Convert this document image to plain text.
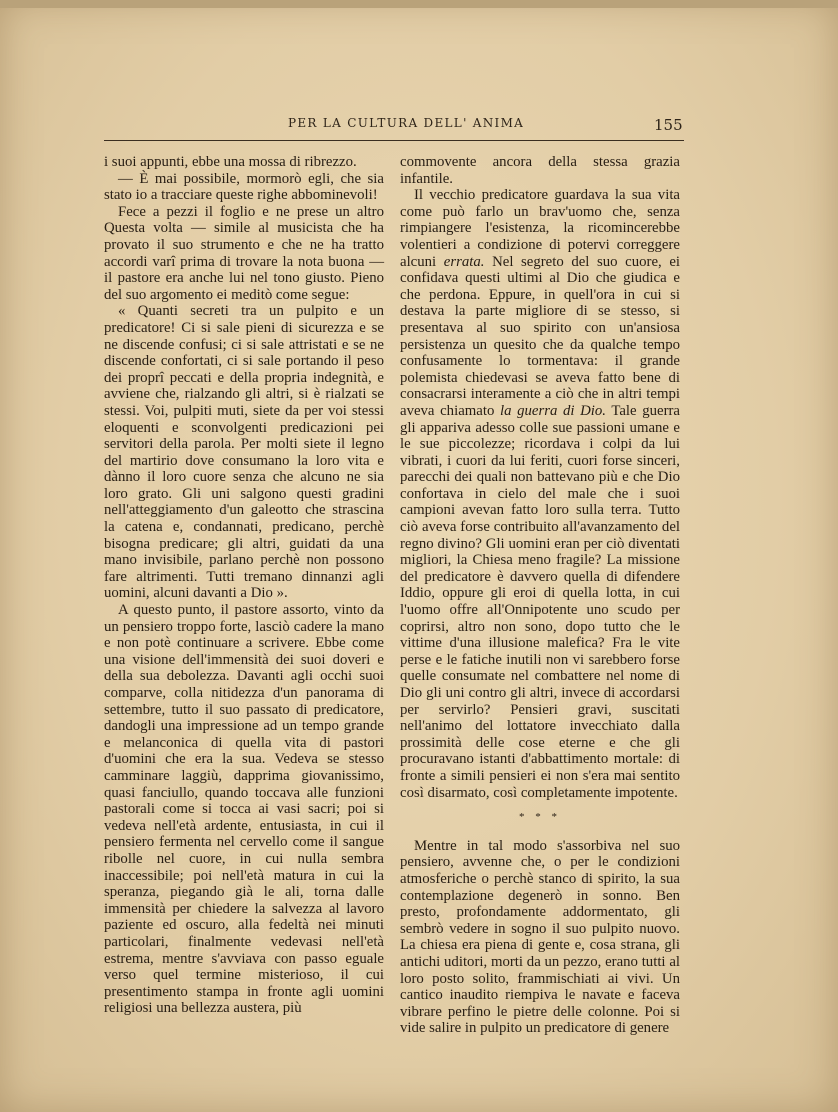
PER LA CULTURA DELL' ANIMA	155

i suoi appunti, ebbe una mossa di ribrezzo.

— È mai possibile, mormorò egli, che sia stato io a tracciare queste righe abbominevoli!

Fece a pezzi il foglio e ne prese un altro Questa volta — simile al musicista che ha provato il suo strumento e che ne ha tratto accordi varî prima di trovare la nota buona — il pastore era anche lui nel tono giusto. Pieno del suo argomento ei meditò come segue:

« Quanti secreti tra un pulpito e un predicatore! Ci si sale pieni di sicurezza e se ne discende confusi; ci si sale attristati e se ne discende confortati, ci si sale portando il peso dei proprî peccati e della propria indegnità, e avviene che, rialzando gli altri, si è rialzati se stessi. Voi, pulpiti muti, siete da per voi stessi eloquenti e sconvolgenti predicazioni pei servitori della parola. Per molti siete il legno del martirio dove consumano la loro vita e dànno il loro cuore senza che alcuno ne sia loro grato. Gli uni salgono questi gradini nell'atteggiamento d'un galeotto che strascina la catena e, condannati, predicano, perchè bisogna predicare; gli altri, guidati da una mano invisibile, parlano perchè non possono fare altrimenti. Tutti tremano dinnanzi agli uomini, alcuni davanti a Dio ».

A questo punto, il pastore assorto, vinto da un pensiero troppo forte, lasciò cadere la mano e non potè continuare a scrivere. Ebbe come una visione dell'immensità dei suoi doveri e della sua debolezza. Davanti agli occhi suoi comparve, colla nitidezza d'un panorama di settembre, tutto il suo passato di predicatore, dandogli una impressione ad un tempo grande e melanconica di quella vita di pastori d'uomini che era la sua. Vedeva se stesso camminare laggiù, dapprima giovanissimo, quasi fanciullo, quando toccava alle funzioni pastorali come si tocca ai vasi sacri; poi si vedeva nell'età ardente, entusiasta, in cui il pensiero fermenta nel cervello come il sangue ribolle nel cuore, in cui nulla sembra inaccessibile; poi nell'età matura in cui la speranza, piegando già le ali, torna dalle immensità per chiedere la salvezza al lavoro paziente ed oscuro, alla fedeltà nei minuti particolari, finalmente vedevasi nell'età estrema, mentre s'avviava con passo eguale verso quel termine misterioso, il cui presentimento stampa in fronte agli uomini religiosi una bellezza austera, più

commovente ancora della stessa grazia infantile.

Il vecchio predicatore guardava la sua vita come può farlo un brav'uomo che, senza rimpiangere l'esistenza, la ricomincerebbe volentieri a condizione di potervi correggere alcuni errata. Nel segreto del suo cuore, ei confidava questi ultimi al Dio che giudica e che perdona. Eppure, in quell'ora in cui si destava la parte migliore di se stesso, si presentava al suo spirito con un'ansiosa persistenza un quesito che da qualche tempo confusamente lo tormentava: il grande polemista chiedevasi se aveva fatto bene di consacrarsi interamente a ciò che in altri tempi aveva chiamato la guerra di Dio. Tale guerra gli appariva adesso colle sue passioni umane e le sue piccolezze; ricordava i colpi da lui vibrati, i cuori da lui feriti, cuori forse sinceri, parecchi dei quali non battevano più e che Dio confortava in cielo del male che i suoi campioni avevan fatto loro sulla terra. Tutto ciò aveva forse contribuito all'avanzamento del regno divino? Gli uomini eran per ciò diventati migliori, la Chiesa meno fragile? La missione del predicatore è davvero quella di difendere Iddio, oppure gli eroi di quella lotta, in cui l'uomo offre all'Onnipotente uno scudo per coprirsi, altro non sono, dopo tutto che le vittime d'una illusione malefica? Fra le vite perse e le fatiche inutili non vi sarebbero forse quelle consumate nel combattere nel nome di Dio gli uni contro gli altri, invece di accordarsi per servirlo? Pensieri gravi, suscitati nell'animo del lottatore invecchiato dalla prossimità delle cose eterne e che gli procuravano istanti d'abbattimento mortale: di fronte a simili pensieri ei non s'era mai sentito così disarmato, così completamente impotente.

* * *

Mentre in tal modo s'assorbiva nel suo pensiero, avvenne che, o per le condizioni atmosferiche o perchè stanco di spirito, la sua contemplazione degenerò in sonno. Ben presto, profondamente addormentato, gli sembrò vedere in sogno il suo pulpito nuovo. La chiesa era piena di gente e, cosa strana, gli antichi uditori, morti da un pezzo, erano tutti al loro posto solito, frammischiati ai vivi. Un cantico inaudito riempiva le navate e faceva vibrare perfino le pietre delle colonne. Poi si vide salire in pulpito un predicatore di genere
